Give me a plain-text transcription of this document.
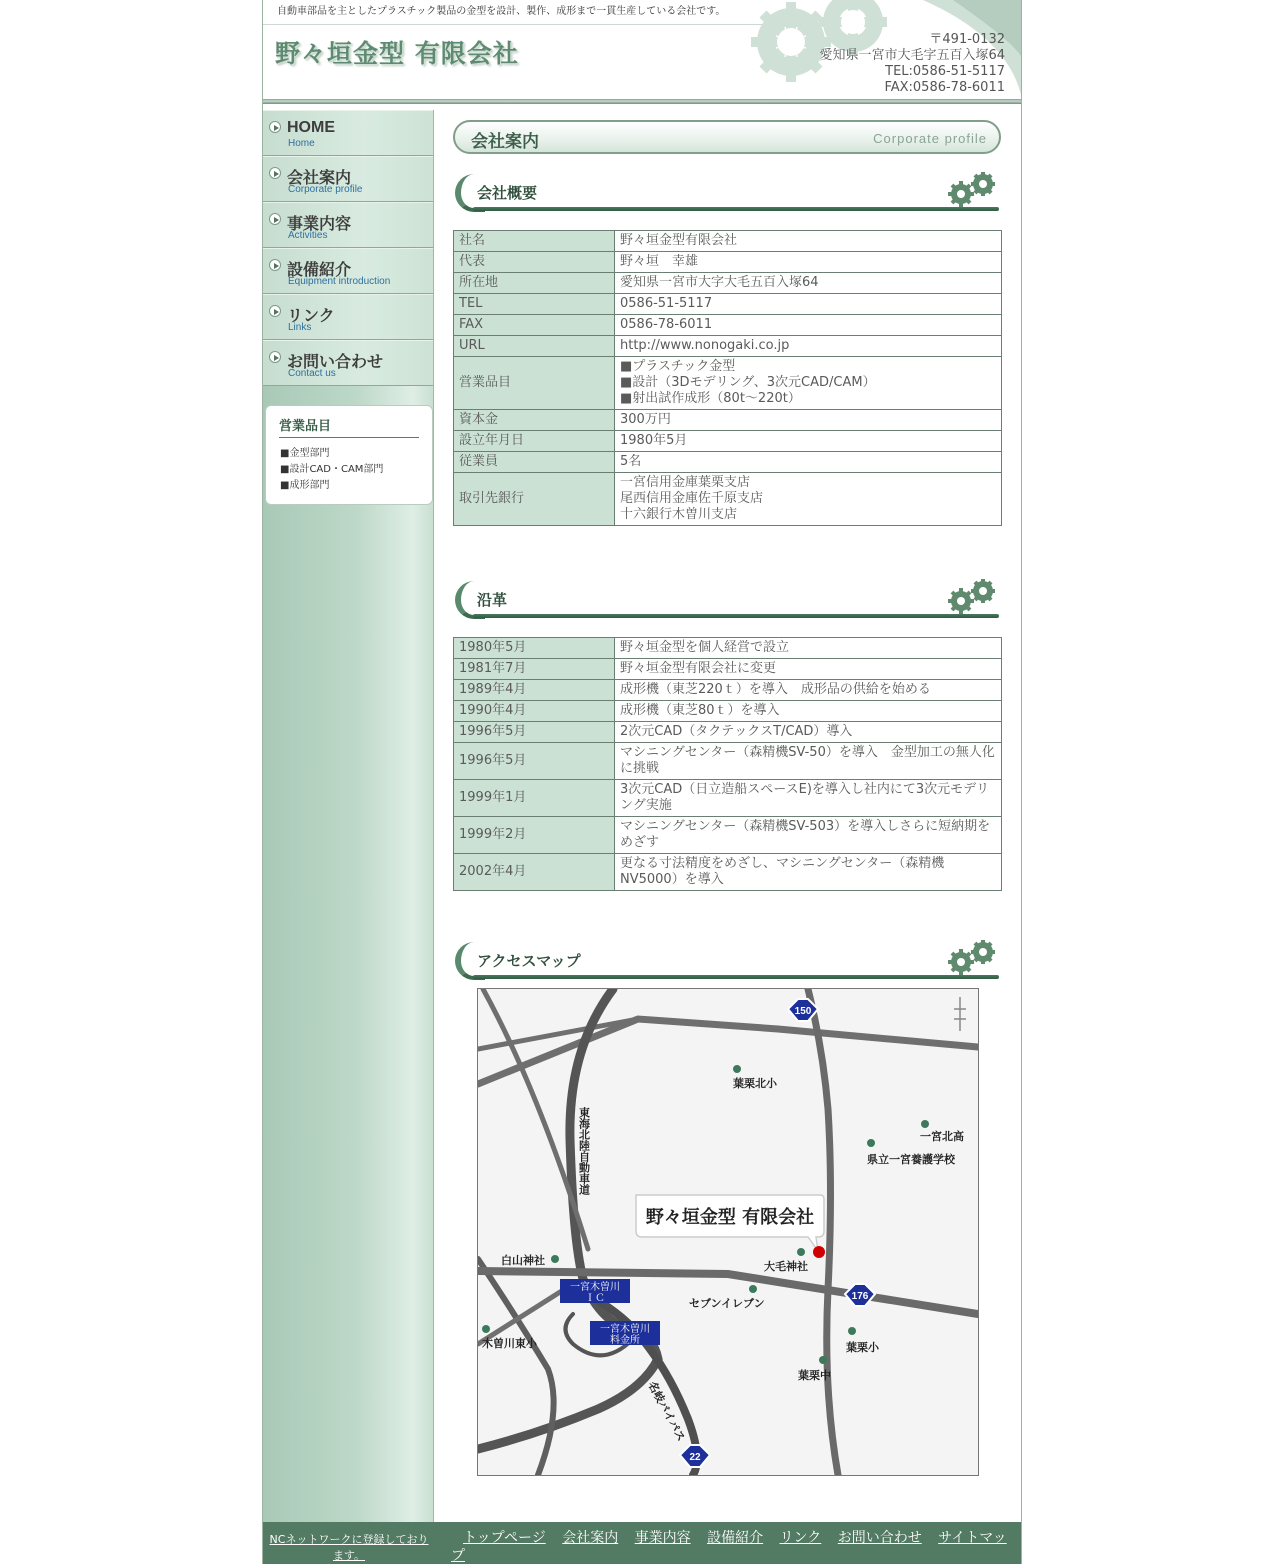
自動車部品を主としたプラスチック製品の金型を設計、製作、成形まで一貫生産している会社です。
野々垣金型 有限会社	〒491-0132
愛知県一宮市大毛字五百入塚64
TEL:0586-51-5117
FAX:0586-78-6011
HOME
Home
会社案内
Corporate profile
事業内容
Activities
設備紹介
Equipment introduction
リンク
Links
お問い合わせ
Contact us
営業品目
■金型部門
■設計CAD・CAM部門
■成形部門
会社案内	Corporate profile
会社概要
社名	野々垣金型有限会社
代表	野々垣　幸雄
所在地	愛知県一宮市大字大毛五百入塚64
TEL	0586-51-5117
FAX	0586-78-6011
URL	http://www.nonogaki.co.jp
営業品目	■プラスチック金型
■設計（3Dモデリング、3次元CAD/CAM）
■射出試作成形（80t～220t）
資本金	300万円
設立年月日	1980年5月
従業員	5名
取引先銀行	一宮信用金庫葉栗支店
尾西信用金庫佐千原支店
十六銀行木曽川支店
沿革
1980年5月	野々垣金型を個人経営で設立
1981年7月	野々垣金型有限会社に変更
1989年4月	成形機（東芝220ｔ）を導入　成形品の供給を始める
1990年4月	成形機（東芝80ｔ）を導入
1996年5月	2次元CAD（タクテックスT/CAD）導入
1996年5月	マシニングセンター（森精機SV-50）を導入　金型加工の無人化に挑戦
1999年1月	3次元CAD（日立造船スペースE)を導入し社内にて3次元モデリング実施
1999年2月	マシニングセンター（森精機SV-503）を導入しさらに短納期をめざす
2002年4月	更なる寸法精度をめざし、マシニングセンター（森精機NV5000）を導入
アクセスマップ
150
176
22
東海北陸自動車道
名岐バイパス
一宮木曽川
ＩＣ
一宮木曽川
料金所
葉栗北小
一宮北高
県立一宮養護学校
大毛神社
白山神社
セブンイレブン
木曽川東小	葉栗小
葉栗中
野々垣金型 有限会社
NCネットワークに登録しております。
トップページ 会社案内 事業内容 設備紹介 リンク お問い合わせ サイトマップ
